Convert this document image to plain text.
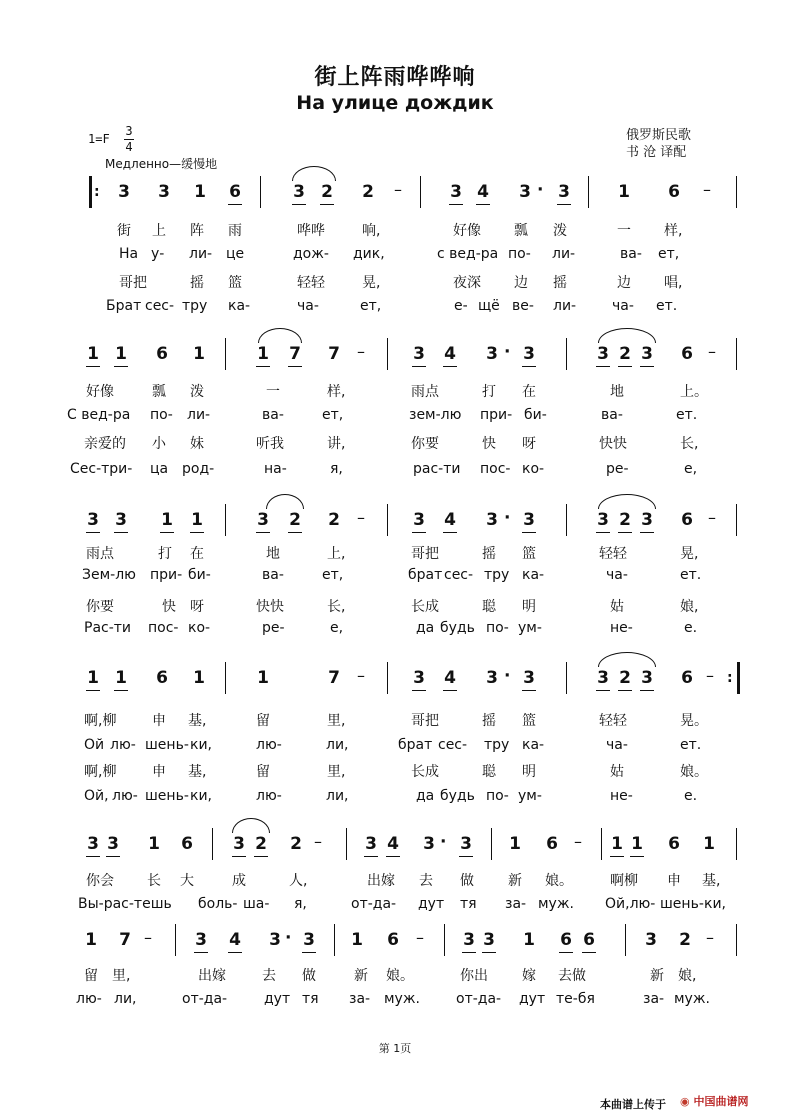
街上阵雨哗哗响
На улице дождик
1=F
3
4
Медленно—缓慢地
俄罗斯民歌
书 沧 译配
: 3 3 1 6	3 2 2 –	3 4 3 · 3	1 6 –
街 上 阵 雨	哗哗	响,	好像 瓢 泼	一 样,
На у- ли- це	дож- дик,	с вед-ра по- ли-	ва- ет,
哥把	摇 篮	轻轻	晃,	夜深 边 摇	边 唱,
Брат сес- тру ка-	ча-	ет,	е- щё ве- ли-	ча- ет.
1 1 6 1	1 7 7 –	3 4 3 · 3	3 2 3 6 –
好像	瓢 泼	一	样,	雨点	打 在	地	上。
С вед-ра по- ли-	ва-	ет,	зем-лю при- би-	ва-	ет.
亲爱的 小 妹	听我	讲,	你要	快 呀	快快	长,
Сес-три- ца род-	на-	я,	рас-ти пос- ко-	ре-	е,
3 3 1 1	3 2 2 –	3 4 3 · 3	3 2 3 6 –
雨点	打 在	地	上,	哥把	摇 篮	轻轻	晃,
Зем-лю при- би-	ва-	ет,	брат сес- тру ка-	ча-	ет.
你要	快 呀	快快	长,	长成	聪 明	姑	娘,
Рас-ти пос- ко-	ре-	е,	да будь по- ум-	не-	е.
1 1 6 1	1	7 –	3 4 3 · 3	3 2 3 6 – :
啊,柳	申 基,	留	里,	哥把	摇 篮	轻轻	晃。
Ой лю- шень- ки,	лю-	ли,	брат сес- тру ка-	ча-	ет.
啊,柳	申 基,	留	里,	长成	聪 明	姑	娘。
Ой, лю- шень- ки,	лю-	ли,	да будь по- ум-	не-	е.
3 3 1 6 3 2 2 –	3 4 3 · 3 1 6 – 1 1 6 1
你会 长 大	成	人,	出嫁 去 做 新 娘。	啊柳 申 基,
Вы-рас-тешь боль- ша- я,	от-да- дут тя за- муж. Ой,лю- шень- ки,
1 7 –	3 4 3 · 3 1 6 – 3 3 1 6 6	3 2 –
留 里,	出嫁	去 做	新 娘。	你出 嫁 去做	新 娘,
лю- ли,	от-да-	дут тя за- муж.	от-да- дут те-бя	за- муж.
第 1页
本曲谱上传于 ◉ 中国曲谱网
